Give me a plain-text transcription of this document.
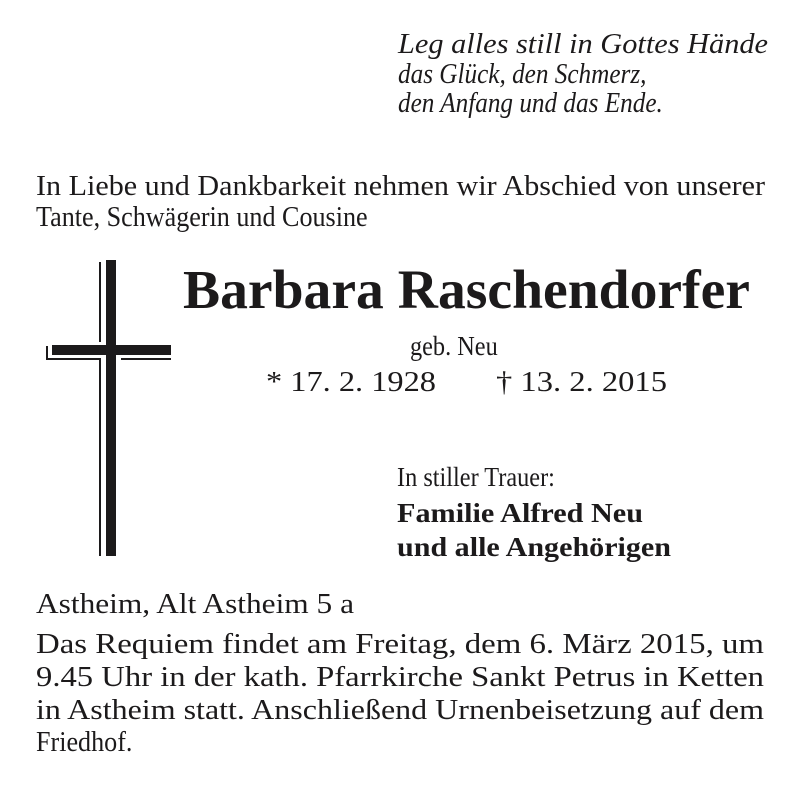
Leg alles still in Gottes Hände
das Glück, den Schmerz,
den Anfang und das Ende.
In Liebe und Dankbarkeit nehmen wir Abschied von unserer
Tante, Schwägerin und Cousine
Barbara Raschendorfer
geb. Neu
* 17. 2. 1928 † 13. 2. 2015
In stiller Trauer:
Familie Alfred Neu
und alle Angehörigen
Astheim, Alt Astheim 5 a
Das Requiem findet am Freitag, dem 6. März 2015, um
9.45 Uhr in der kath. Pfarrkirche Sankt Petrus in Ketten
in Astheim statt. Anschließend Urnenbeisetzung auf dem
Friedhof.
